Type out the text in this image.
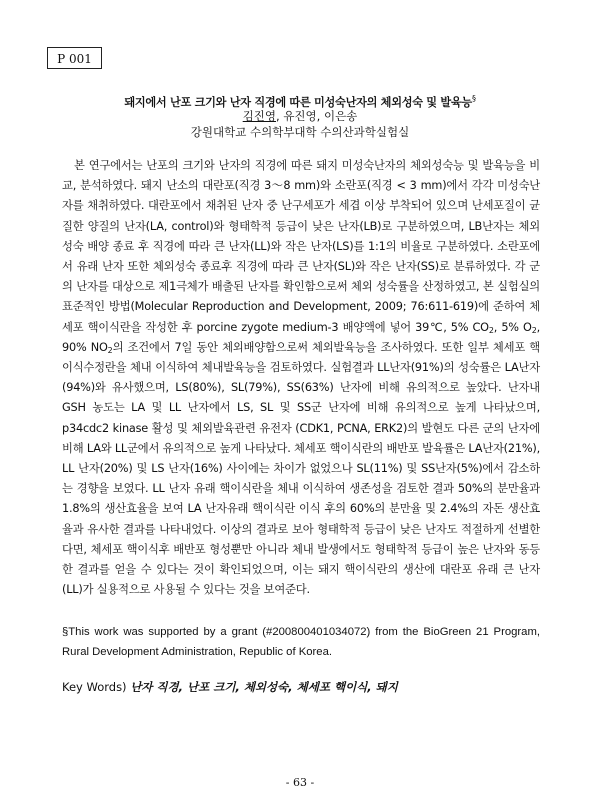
P 001
돼지에서 난포 크기와 난자 직경에 따른 미성숙난자의 체외성숙 및 발육능§
김진영, 유진영, 이은송
강원대학교 수의학부대학 수의산과학실험실

본 연구에서는 난포의 크기와 난자의 직경에 따른 돼지 미성숙난자의 체외성숙능 및 발육능을 비교, 분석하였다. 돼지 난소의 대란포(직경 3～8 mm)와 소란포(직경 < 3 mm)에서 각각 미성숙난자를 채취하였다. 대란포에서 채취된 난자 중 난구세포가 세겹 이상 부착되어 있으며 난세포질이 균질한 양질의 난자(LA, control)와 형태학적 등급이 낮은 난자(LB)로 구분하였으며, LB난자는 체외성숙 배양 종료 후 직경에 따라 큰 난자(LL)와 작은 난자(LS)를 1:1의 비율로 구분하였다. 소란포에서 유래 난자 또한 체외성숙 종료후 직경에 따라 큰 난자(SL)와 작은 난자(SS)로 분류하였다. 각 군의 난자를 대상으로 제1극체가 배출된 난자를 확인함으로써 체외 성숙률을 산정하였고, 본 실험실의 표준적인 방법(Molecular Reproduction and Development, 2009; 76:611-619)에 준하여 체세포 핵이식란을 작성한 후 porcine zygote medium-3 배양액에 넣어 39℃, 5% $CO_2$, 5% $O_2$, 90% $NO_2$의 조건에서 7일 동안 체외배양함으로써 체외발육능을 조사하였다. 또한 일부 체세포 핵이식수정란을 체내 이식하여 체내발육능을 검토하였다. 실험결과 LL난자(91%)의 성숙률은 LA난자(94%)와 유사했으며, LS(80%), SL(79%), SS(63%) 난자에 비해 유의적으로 높았다. 난자내 GSH 농도는 LA 및 LL 난자에서 LS, SL 및 SS군 난자에 비해 유의적으로 높게 나타났으며, p34cdc2 kinase 활성 및 체외발육관련 유전자 (CDK1, PCNA, ERK2)의 발현도 다른 군의 난자에 비해 LA와 LL군에서 유의적으로 높게 나타났다. 체세포 핵이식란의 배반포 발육률은 LA난자(21%), LL 난자(20%) 및 LS 난자(16%) 사이에는 차이가 없었으나 SL(11%) 및 SS난자(5%)에서 감소하는 경향을 보였다. LL 난자 유래 핵이식란을 체내 이식하여 생존성을 검토한 결과 50%의 분만율과 1.8%의 생산효율을 보여 LA 난자유래 핵이식란 이식 후의 60%의 분만율 및 2.4%의 자돈 생산효율과 유사한 결과를 나타내었다. 이상의 결과로 보아 형태학적 등급이 낮은 난자도 적절하게 선별한다면, 체세포 핵이식후 배반포 형성뿐만 아니라 체내 발생에서도 형태학적 등급이 높은 난자와 동등한 결과를 얻을 수 있다는 것이 확인되었으며, 이는 돼지 핵이식란의 생산에 대란포 유래 큰 난자 (LL)가 실용적으로 사용될 수 있다는 것을 보여준다.

§This work was supported by a grant (#200800401034072) from the BioGreen 21 Program, Rural Development Administration, Republic of Korea.

Key Words) 난자 직경, 난포 크기, 체외성숙, 체세포 핵이식, 돼지
- 63 -
